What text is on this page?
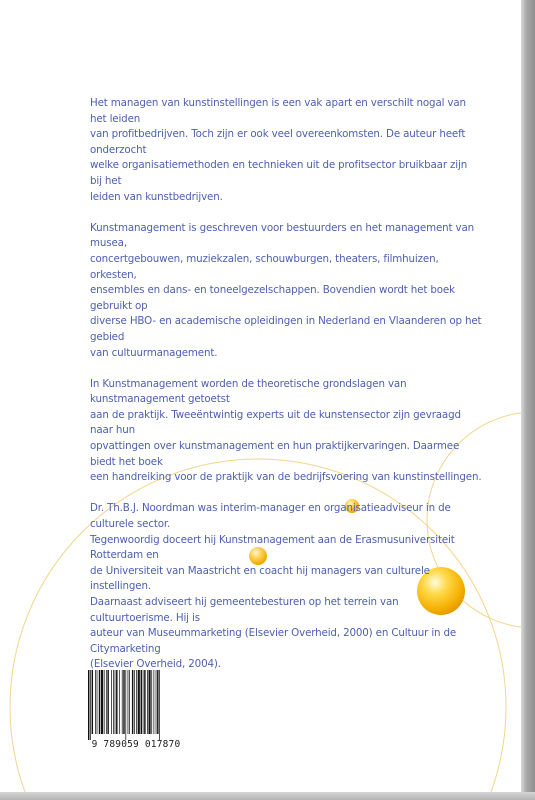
Het managen van kunstinstellingen is een vak apart en verschilt nogal van het leiden
van profitbedrijven. Toch zijn er ook veel overeenkomsten. De auteur heeft onderzocht
welke organisatiemethoden en technieken uit de profitsector bruikbaar zijn bij het
leiden van kunstbedrijven.

Kunstmanagement is geschreven voor bestuurders en het management van musea,
concertgebouwen, muziekzalen, schouwburgen, theaters, filmhuizen, orkesten,
ensembles en dans- en toneelgezelschappen. Bovendien wordt het boek gebruikt op
diverse HBO- en academische opleidingen in Nederland en Vlaanderen op het gebied
van cultuurmanagement.

In Kunstmanagement worden de theoretische grondslagen van kunstmanagement getoetst
aan de praktijk. Tweeëntwintig experts uit de kunstensector zijn gevraagd naar hun
opvattingen over kunstmanagement en hun praktijkervaringen. Daarmee biedt het boek
een handreiking voor de praktijk van de bedrijfsvoering van kunstinstellingen.

Dr. Th.B.J. Noordman was interim-manager en organisatieadviseur in de culturele sector.
Tegenwoordig doceert hij Kunstmanagement aan de Erasmusuniversiteit Rotterdam en
de Universiteit van Maastricht en coacht hij managers van culturele instellingen.
Daarnaast adviseert hij gemeentebesturen op het terrein van cultuurtoerisme. Hij is
auteur van Museummarketing (Elsevier Overheid, 2000) en Cultuur in de Citymarketing
(Elsevier Overheid, 2004).

9 789059 017870
